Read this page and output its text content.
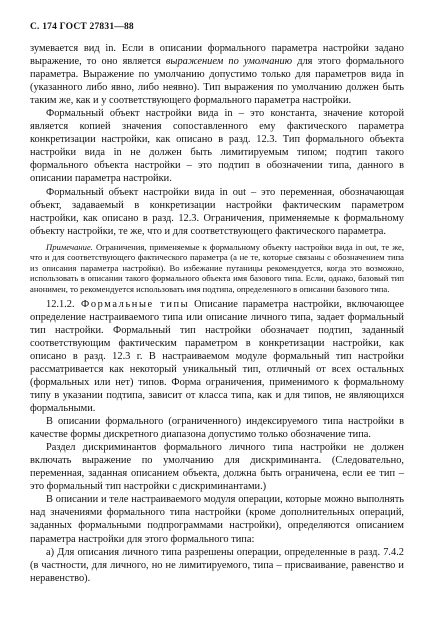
С. 174 ГОСТ 27831—88

зумевается вид in. Если в описании формального параметра настройки задано выражение, то оно является выражением по умолчанию для этого формального параметра. Выражение по умолчанию допустимо только для параметров вида in (указанного либо явно, либо неявно). Тип выражения по умолчанию должен быть таким же, как и у соответствующего формального параметра настройки.

Формальный объект настройки вида in – это константа, значение которой является копией значения сопоставленного ему фактического параметра конкретизации настройки, как описано в разд. 12.3. Тип формального объекта настройки вида in не должен быть лимитируемым типом; подтип такого формального объекта настройки – это подтип в обозначении типа, данного в описании параметра настройки.

Формальный объект настройки вида in out – это переменная, обозначающая объект, задаваемый в конкретизации настройки фактическим параметром настройки, как описано в разд. 12.3. Ограничения, применяемые к формальному объекту настройки, те же, что и для соответствующего фактического параметра.

Примечание. Ограничения, применяемые к формальному объекту настройки вида in out, те же, что и для соответствующего фактического параметра (а не те, которые связаны с обозначением типа из описания параметра настройки). Во избежание путаницы рекомендуется, когда это возможно, использовать в описании такого формального объекта имя базового типа. Если, однако, базовый тип анонимен, то рекомендуется использовать имя подтипа, определенного в описании базового типа.

12.1.2. Формальные типы Описание параметра настройки, включающее определение настраиваемого типа или описание личного типа, задает формальный тип настройки. Формальный тип настройки обозначает подтип, заданный соответствующим фактическим параметром в конкретизации настройки, как описано в разд. 12.3 г. В настраиваемом модуле формальный тип настройки рассматривается как некоторый уникальный тип, отличный от всех остальных (формальных или нет) типов. Форма ограничения, применимого к формальному типу в указании подтипа, зависит от класса типа, как и для типов, не являющихся формальными.

В описании формального (ограниченного) индексируемого типа настройки в качестве формы дискретного диапазона допустимо только обозначение типа.

Раздел дискриминантов формального личного типа настройки не должен включать выражение по умолчанию для дискриминанта. (Следовательно, переменная, заданная описанием объекта, должна быть ограничена, если ее тип – это формальный тип настройки с дискриминантами.)

В описании и теле настраиваемого модуля операции, которые можно выполнять над значениями формального типа настройки (кроме дополнительных операций, заданных формальными подпрограммами настройки), определяются описанием параметра настройки для этого формального типа:

а) Для описания личного типа разрешены операции, определенные в разд. 7.4.2 (в частности, для личного, но не лимитируемого, типа – присваивание, равенство и неравенство).
